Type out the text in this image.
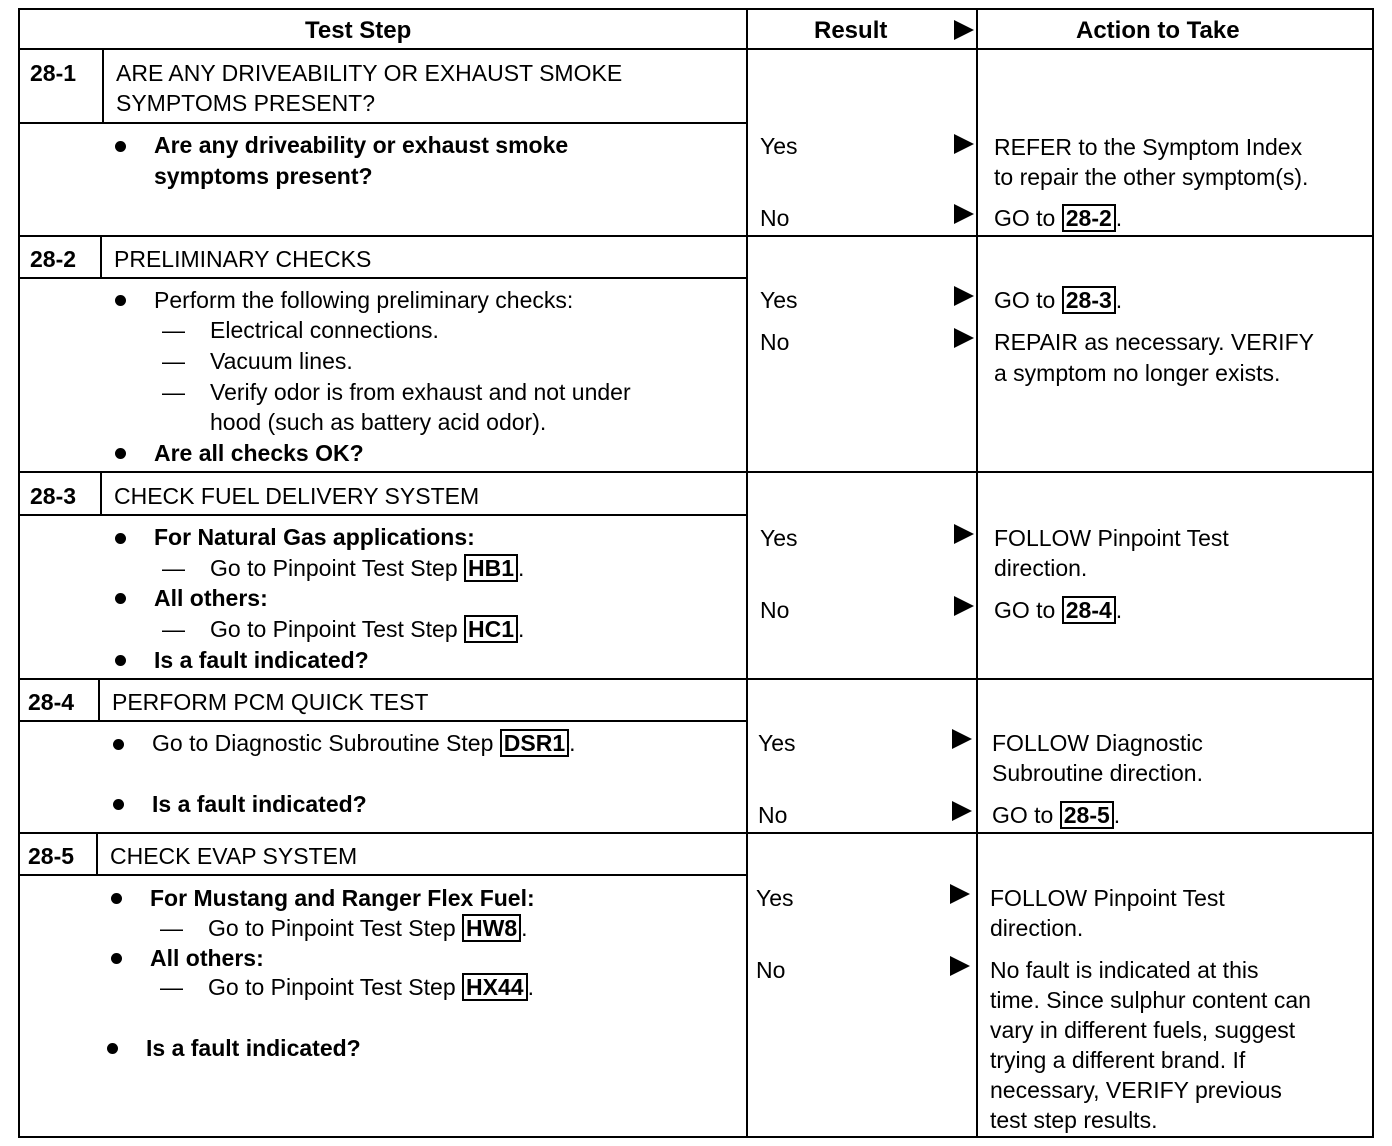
Test Step	Result	Action to Take
28-1 ARE ANY DRIVEABILITY OR EXHAUST SMOKE
SYMPTOMS PRESENT?
Are any driveability or exhaust smoke
symptoms present?
Yes	REFER to the Symptom Index
to repair the other symptom(s).
No	GO to 28-2 .
28-2 PRELIMINARY CHECKS
Perform the following preliminary checks:
— Electrical connections.
— Vacuum lines.
— Verify odor is from exhaust and not under
hood (such as battery acid odor).
Are all checks OK?
Yes	GO to 28-3 .
No	REPAIR as necessary. VERIFY
a symptom no longer exists.
28-3 CHECK FUEL DELIVERY SYSTEM
For Natural Gas applications:
— Go to Pinpoint Test Step HB1 .
All others:
— Go to Pinpoint Test Step HC1 .
Is a fault indicated?
Yes	FOLLOW Pinpoint Test
direction.
No	GO to 28-4 .
28-4 PERFORM PCM QUICK TEST
Go to Diagnostic Subroutine Step DSR1 .
Is a fault indicated?
Yes	FOLLOW Diagnostic
Subroutine direction.
No	GO to 28-5 .
28-5 CHECK EVAP SYSTEM
For Mustang and Ranger Flex Fuel:
— Go to Pinpoint Test Step HW8 .
All others:
— Go to Pinpoint Test Step HX44 .
Is a fault indicated?
Yes	FOLLOW Pinpoint Test
direction.
No	No fault is indicated at this
time. Since sulphur content can
vary in different fuels, suggest
trying a different brand. If
necessary, VERIFY previous
test step results.
